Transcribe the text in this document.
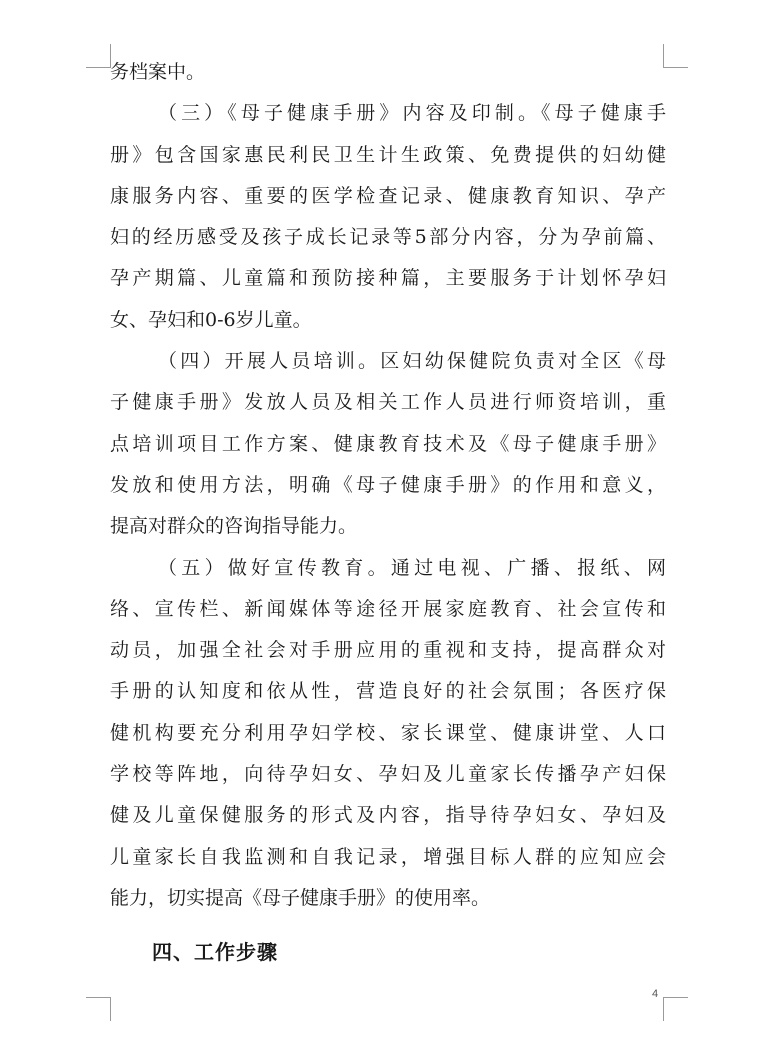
务档案中。
（三）《母子健康手册》内容及印制。《母子健康手
册》包含国家惠民利民卫生计生政策、免费提供的妇幼健
康服务内容、重要的医学检查记录、健康教育知识、孕产
妇的经历感受及孩子成长记录等5部分内容，分为孕前篇、
孕产期篇、儿童篇和预防接种篇，主要服务于计划怀孕妇
女、孕妇和0-6岁儿童。
（四）开展人员培训。区妇幼保健院负责对全区《母
子健康手册》发放人员及相关工作人员进行师资培训，重
点培训项目工作方案、健康教育技术及《母子健康手册》
发放和使用方法，明确《母子健康手册》的作用和意义，
提高对群众的咨询指导能力。
（五）做好宣传教育。通过电视、广播、报纸、网
络、宣传栏、新闻媒体等途径开展家庭教育、社会宣传和
动员，加强全社会对手册应用的重视和支持，提高群众对
手册的认知度和依从性，营造良好的社会氛围；各医疗保
健机构要充分利用孕妇学校、家长课堂、健康讲堂、人口
学校等阵地，向待孕妇女、孕妇及儿童家长传播孕产妇保
健及儿童保健服务的形式及内容，指导待孕妇女、孕妇及
儿童家长自我监测和自我记录，增强目标人群的应知应会
能力，切实提高《母子健康手册》的使用率。
四、工作步骤
4
